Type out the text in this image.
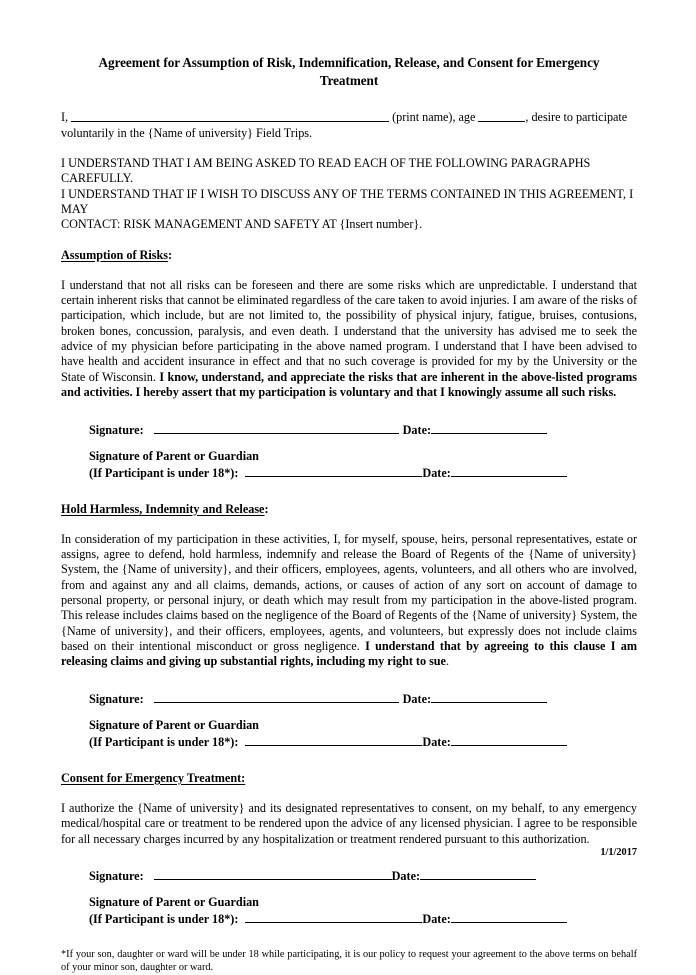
Agreement for Assumption of Risk, Indemnification, Release, and Consent for Emergency Treatment

I,	(print name), age	, desire to participate
voluntarily in the {Name of university} Field Trips.

I UNDERSTAND THAT I AM BEING ASKED TO READ EACH OF THE FOLLOWING PARAGRAPHS CAREFULLY.
I UNDERSTAND THAT IF I WISH TO DISCUSS ANY OF THE TERMS CONTAINED IN THIS AGREEMENT, I MAY
CONTACT: RISK MANAGEMENT AND SAFETY AT {Insert number}.

Assumption of Risks:

I understand that not all risks can be foreseen and there are some risks which are unpredictable. I understand that certain inherent risks that cannot be eliminated regardless of the care taken to avoid injuries. I am aware of the risks of participation, which include, but are not limited to, the possibility of physical injury, fatigue, bruises, contusions, broken bones, concussion, paralysis, and even death. I understand that the university has advised me to seek the advice of my physician before participating in the above named program. I understand that I have been advised to have health and accident insurance in effect and that no such coverage is provided for my by the University or the State of Wisconsin. I know, understand, and appreciate the risks that are inherent in the above-listed programs and activities. I hereby assert that my participation is voluntary and that I knowingly assume all such risks.

Signature:	Date:
Signature of Parent or Guardian
(If Participant is under 18*):	Date:

Hold Harmless, Indemnity and Release:

In consideration of my participation in these activities, I, for myself, spouse, heirs, personal representatives, estate or assigns, agree to defend, hold harmless, indemnify and release the Board of Regents of the {Name of university} System, the {Name of university}, and their officers, employees, agents, volunteers, and all others who are involved, from and against any and all claims, demands, actions, or causes of action of any sort on account of damage to personal property, or personal injury, or death which may result from my participation in the above-listed program. This release includes claims based on the negligence of the Board of Regents of the {Name of university} System, the {Name of university}, and their officers, employees, agents, and volunteers, but expressly does not include claims based on their intentional misconduct or gross negligence. I understand that by agreeing to this clause I am releasing claims and giving up substantial rights, including my right to sue.

Signature:	Date:
Signature of Parent or Guardian
(If Participant is under 18*):	Date:

Consent for Emergency Treatment:

I authorize the {Name of university} and its designated representatives to consent, on my behalf, to any emergency medical/hospital care or treatment to be rendered upon the advice of any licensed physician. I agree to be responsible for all necessary charges incurred by any hospitalization or treatment rendered pursuant to this authorization.

Signature:	Date:
Signature of Parent or Guardian
(If Participant is under 18*):	Date:

*If your son, daughter or ward will be under 18 while participating, it is our policy to request your agreement to the above terms on behalf of your minor son, daughter or ward.

1/1/2017
